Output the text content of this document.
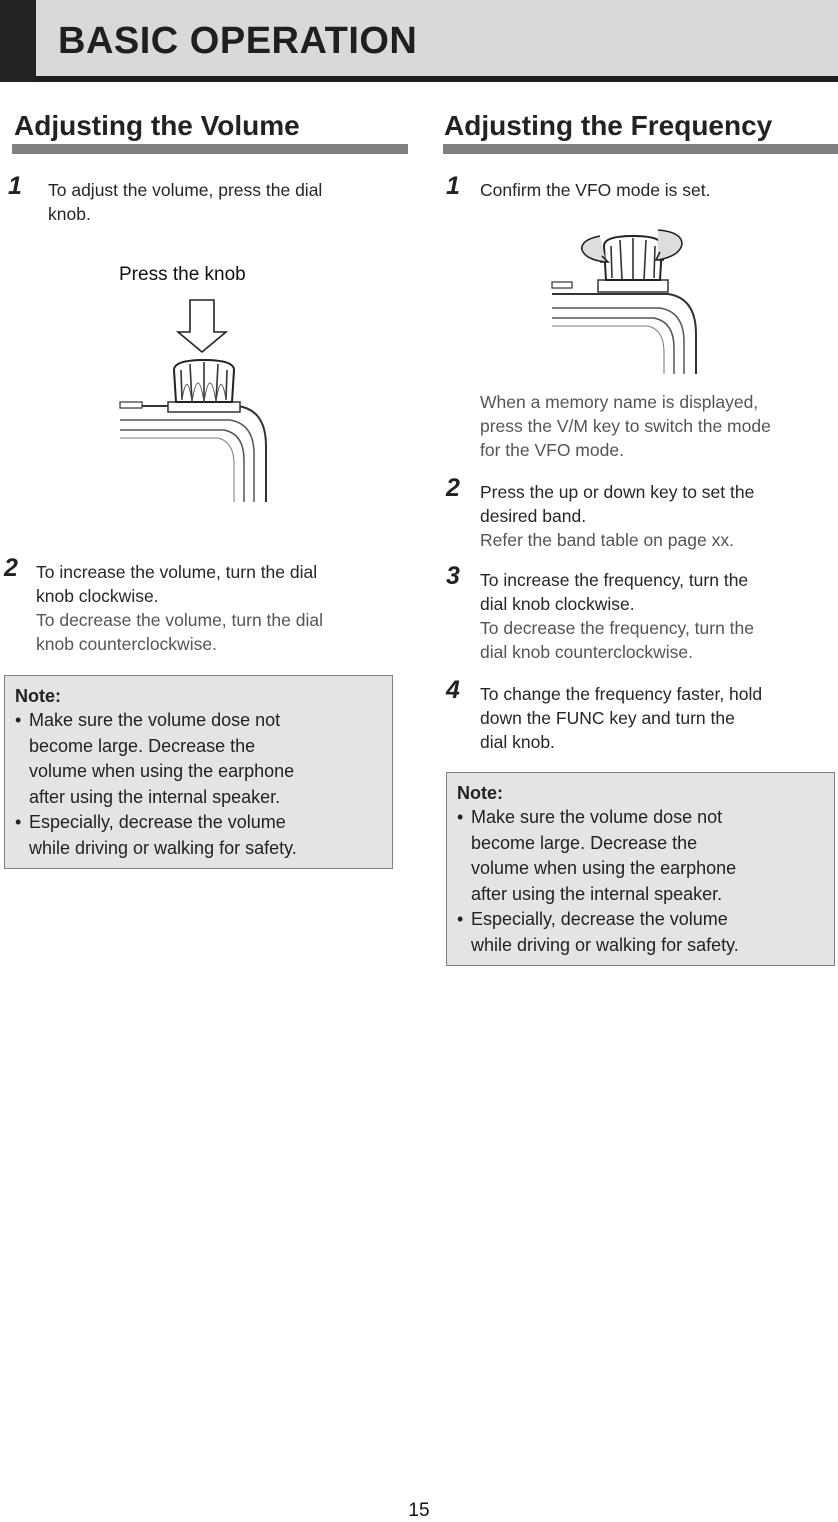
BASIC OPERATION
Adjusting the Volume
1 To adjust the volume, press the dial
knob.
Press the knob
2 To increase the volume, turn the dial
knob clockwise.
To decrease the volume, turn the dial
knob counterclockwise.
Note:
• Make sure the volume dose not
become large. Decrease the
volume when using the earphone
after using the internal speaker.
• Especially, decrease the volume
while driving or walking for safety.
Adjusting the Frequency
1 Confirm the VFO mode is set.
When a memory name is displayed,
press the V/M key to switch the mode
for the VFO mode.
2 Press the up or down key to set the
desired band.
Refer the band table on page xx.
3 To increase the frequency, turn the
dial knob clockwise.
To decrease the frequency, turn the
dial knob counterclockwise.
4 To change the frequency faster, hold
down the FUNC key and turn the
dial knob.
Note:
• Make sure the volume dose not
become large. Decrease the
volume when using the earphone
after using the internal speaker.
• Especially, decrease the volume
while driving or walking for safety.
15
